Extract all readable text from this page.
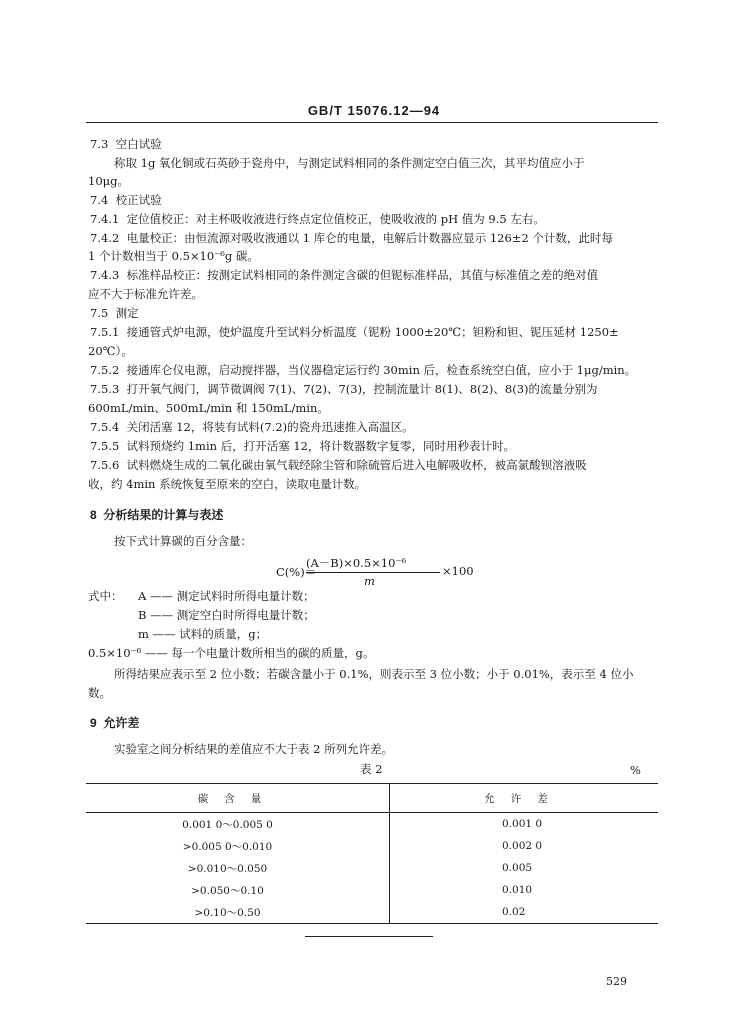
GB/T 15076.12—94
7.3 空白试验
称取 1g 氧化铜或石英砂于瓷舟中，与测定试料相同的条件测定空白值三次，其平均值应小于
10μg。
7.4 校正试验
7.4.1 定位值校正：对主杯吸收液进行终点定位值校正，使吸收液的 pH 值为 9.5 左右。
7.4.2 电量校正：由恒流源对吸收液通以 1 库仑的电量，电解后计数器应显示 126±2 个计数，此时每
1 个计数相当于 0.5×10⁻⁶g 碳。
7.4.3 标准样品校正：按测定试料相同的条件测定含碳的但铌标准样品，其值与标准值之差的绝对值
应不大于标准允许差。
7.5 测定
7.5.1 接通管式炉电源，使炉温度升至试料分析温度（铌粉 1000±20℃；钽粉和钽、铌压延材 1250±
20℃）。
7.5.2 接通库仑仪电源，启动搅拌器，当仪器稳定运行约 30min 后，检查系统空白值，应小于 1μg/min。
7.5.3 打开氧气阀门，调节微调阀 7(1)、7(2)、7(3)，控制流量计 8(1)、8(2)、8(3)的流量分别为
600mL/min、500mL/min 和 150mL/min。
7.5.4 关闭活塞 12，将装有试料(7.2)的瓷舟迅速推入高温区。
7.5.5 试料预烧约 1min 后，打开活塞 12，将计数器数字复零，同时用秒表计时。
7.5.6 试料燃烧生成的二氧化碳由氧气载经除尘管和除硫管后进入电解吸收杯，被高氯酸钡溶液吸
收，约 4min 系统恢复至原来的空白，读取电量计数。
8 分析结果的计算与表述
按下式计算碳的百分含量：
C(%)＝
(A－B)×0.5×10⁻⁶
m
×100
式中： A —— 测定试料时所得电量计数；
B —— 测定空白时所得电量计数；
m —— 试料的质量，g；
0.5×10⁻⁶ —— 每一个电量计数所相当的碳的质量，g。
所得结果应表示至 2 位小数；若碳含量小于 0.1%，则表示至 3 位小数；小于 0.01%，表示至 4 位小
数。
9 允许差
实验室之间分析结果的差值应不大于表 2 所列允许差。
表 2	%
碳含量	允许差
0.001 0～0.005 0	0.001 0
>0.005 0～0.010	0.002 0
>0.010～0.050	0.005
>0.050～0.10	0.010
>0.10～0.50	0.02
529
